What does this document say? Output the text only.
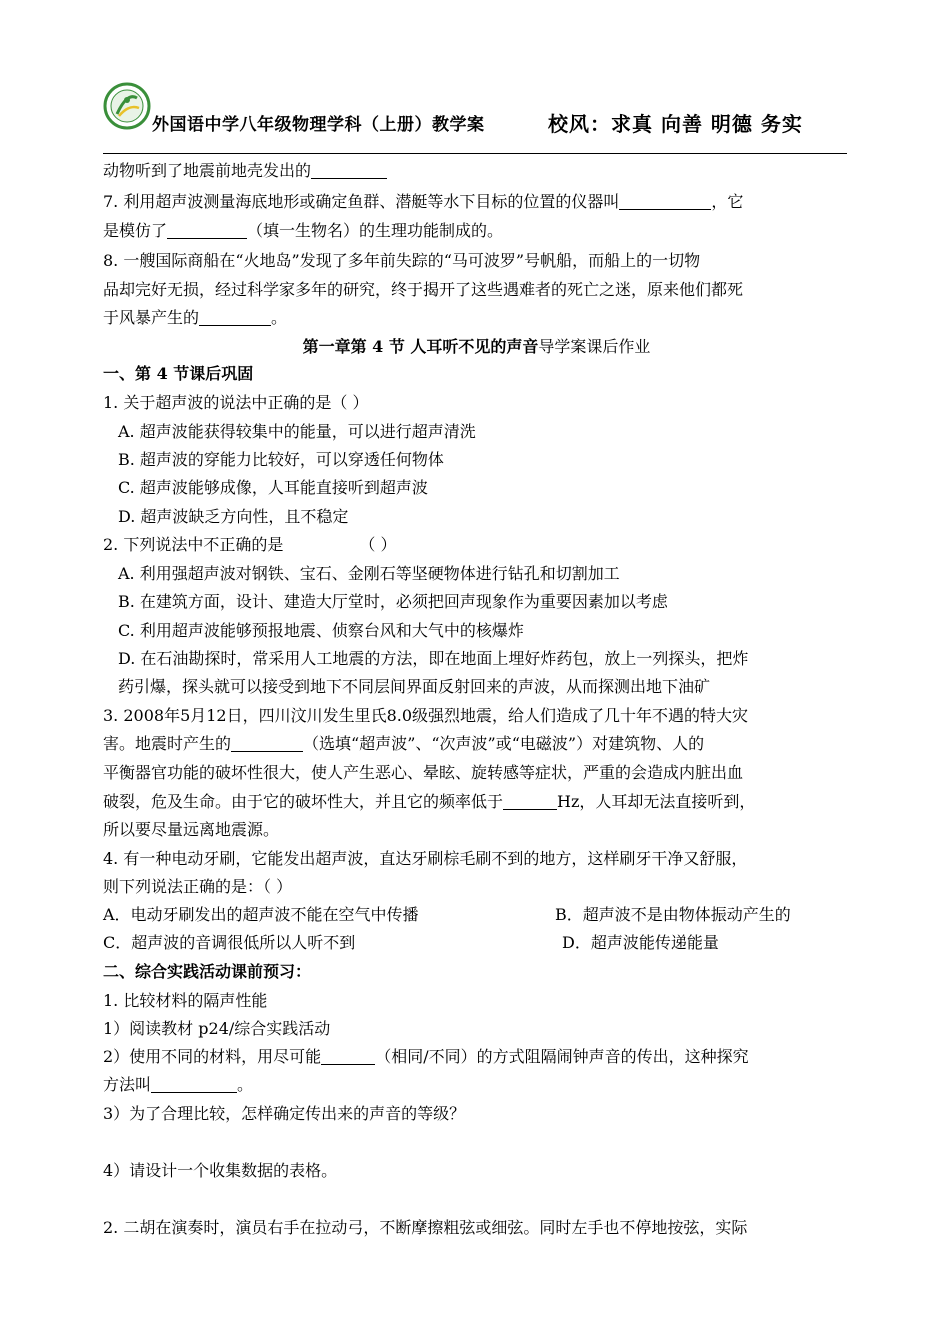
外国语中学八年级物理学科（上册）教学案	校风：求真 向善 明德 务实
动物听到了地震前地壳发出的
7. 利用超声波测量海底地形或确定鱼群、潜艇等水下目标的位置的仪器叫	，它
是模仿了	（填一生物名）的生理功能制成的。
8. 一艘国际商船在“火地岛”发现了多年前失踪的“马可波罗”号帆船，而船上的一切物
品却完好无损，经过科学家多年的研究，终于揭开了这些遇难者的死亡之迷，原来他们都死
于风暴产生的	。
第一章第 4 节 人耳听不见的声音导学案课后作业
一、第 4 节课后巩固
1. 关于超声波的说法中正确的是（ ）
A. 超声波能获得较集中的能量，可以进行超声清洗
B. 超声波的穿能力比较好，可以穿透任何物体
C. 超声波能够成像，人耳能直接听到超声波
D. 超声波缺乏方向性，且不稳定
2. 下列说法中不正确的是	（ ）
A. 利用强超声波对钢铁、宝石、金刚石等坚硬物体进行钻孔和切割加工
B. 在建筑方面，设计、建造大厅堂时，必须把回声现象作为重要因素加以考虑
C. 利用超声波能够预报地震、侦察台风和大气中的核爆炸
D. 在石油勘探时，常采用人工地震的方法，即在地面上埋好炸药包，放上一列探头，把炸
药引爆，探头就可以接受到地下不同层间界面反射回来的声波，从而探测出地下油矿
3. 2008年5月12日，四川汶川发生里氏8.0级强烈地震，给人们造成了几十年不遇的特大灾
害。地震时产生的	（选填“超声波”、“次声波”或“电磁波”）对建筑物、人的
平衡器官功能的破坏性很大，使人产生恶心、晕眩、旋转感等症状，严重的会造成内脏出血
破裂，危及生命。由于它的破坏性大，并且它的频率低于	Hz，人耳却无法直接听到，
所以要尽量远离地震源。
4. 有一种电动牙刷，它能发出超声波，直达牙刷棕毛刷不到的地方，这样刷牙干净又舒服，
则下列说法正确的是：（ ）
A．电动牙刷发出的超声波不能在空气中传播	B．超声波不是由物体振动产生的
C．超声波的音调很低所以人听不到	D．超声波能传递能量
二、综合实践活动课前预习：
1. 比较材料的隔声性能
1）阅读教材 p24/综合实践活动
2）使用不同的材料，用尽可能	（相同/不同）的方式阻隔闹钟声音的传出，这种探究
方法叫	。
3）为了合理比较，怎样确定传出来的声音的等级？
4）请设计一个收集数据的表格。
2. 二胡在演奏时，演员右手在拉动弓，不断摩擦粗弦或细弦。同时左手也不停地按弦，实际
